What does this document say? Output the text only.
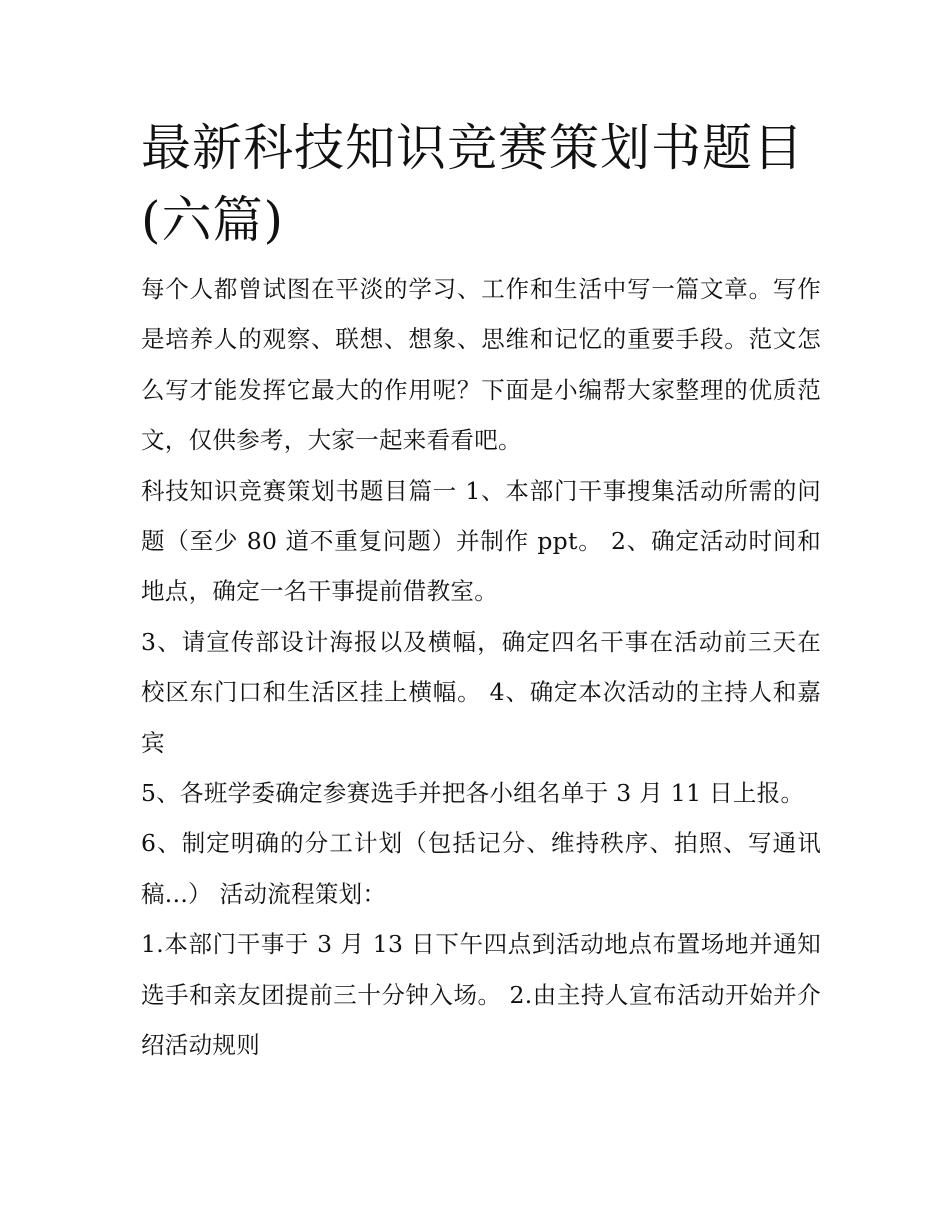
最新科技知识竞赛策划书题目(六篇)

每个人都曾试图在平淡的学习、工作和生活中写一篇文章。写作是培养人的观察、联想、想象、思维和记忆的重要手段。范文怎么写才能发挥它最大的作用呢？下面是小编帮大家整理的优质范文，仅供参考，大家一起来看看吧。

科技知识竞赛策划书题目篇一 1、本部门干事搜集活动所需的问题（至少 80 道不重复问题）并制作 ppt。 2、确定活动时间和地点，确定一名干事提前借教室。

3、请宣传部设计海报以及横幅，确定四名干事在活动前三天在校区东门口和生活区挂上横幅。 4、确定本次活动的主持人和嘉宾

5、各班学委确定参赛选手并把各小组名单于 3 月 11 日上报。

6、制定明确的分工计划（包括记分、维持秩序、拍照、写通讯稿...） 活动流程策划：

1.本部门干事于 3 月 13 日下午四点到活动地点布置场地并通知选手和亲友团提前三十分钟入场。 2.由主持人宣布活动开始并介绍活动规则
